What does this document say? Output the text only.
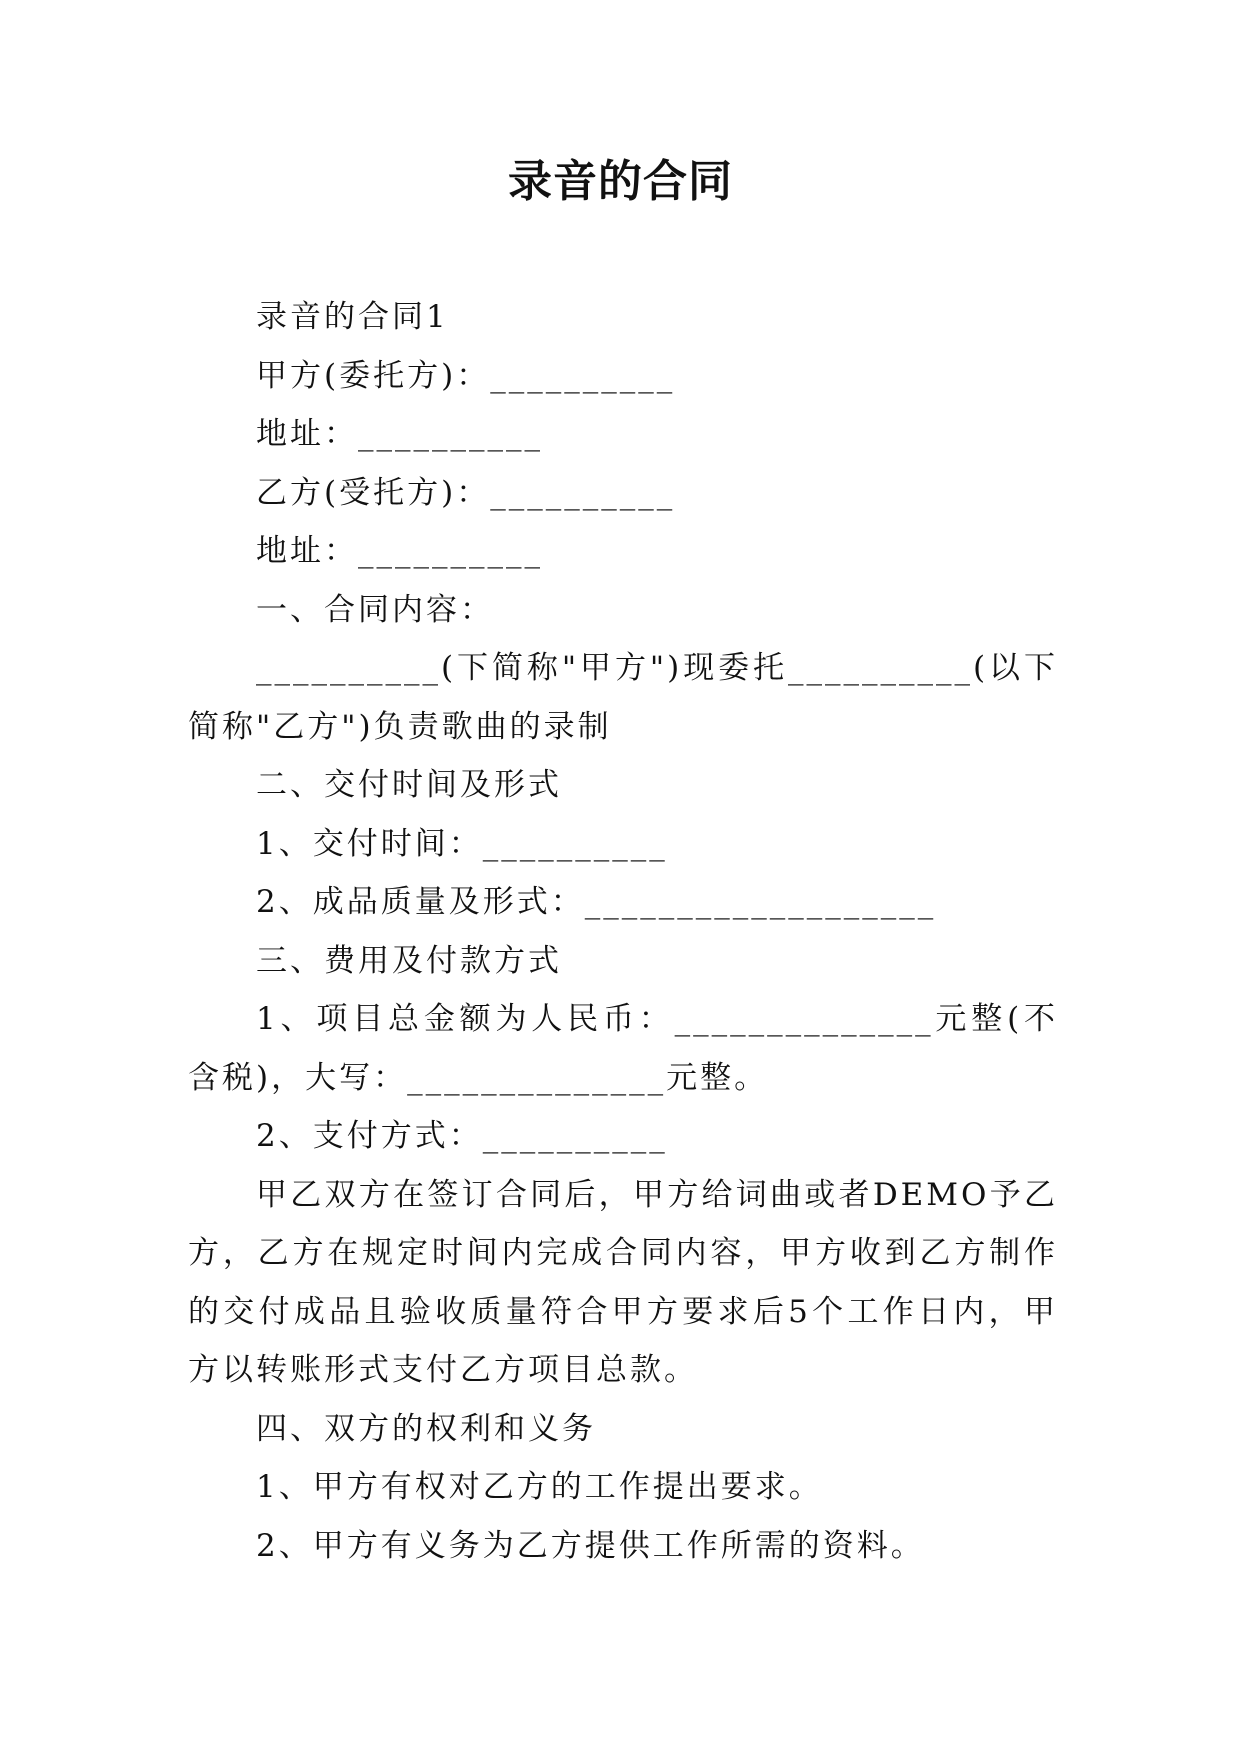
录音的合同

录音的合同1

甲方(委托方)：__________

地址：__________

乙方(受托方)：__________

地址：__________

一、合同内容：

__________(下简称"甲方")现委托__________(以下简称"乙方")负责歌曲的录制

二、交付时间及形式

1、交付时间：__________

2、成品质量及形式：___________________

三、费用及付款方式

1、项目总金额为人民币：______________元整(不含税)，大写：______________元整。

2、支付方式：__________

甲乙双方在签订合同后，甲方给词曲或者DEMO予乙方，乙方在规定时间内完成合同内容，甲方收到乙方制作的交付成品且验收质量符合甲方要求后5个工作日内，甲方以转账形式支付乙方项目总款。

四、双方的权利和义务

1、甲方有权对乙方的工作提出要求。

2、甲方有义务为乙方提供工作所需的资料。
